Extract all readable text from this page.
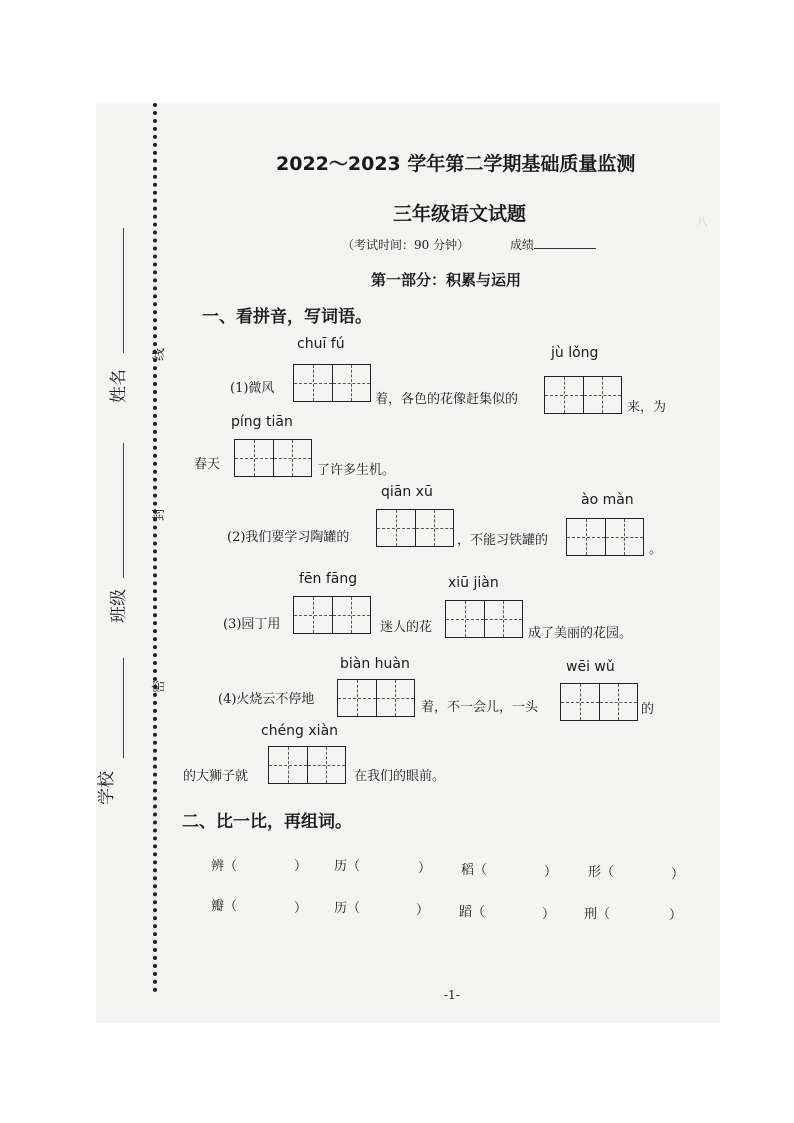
八
姓名
班级
学校
线
封
密
2022～2023 学年第二学期基础质量监测
三年级语文试题
（考试时间：90 分钟）	成绩
第一部分：积累与运用
一、看拼音，写词语。
chuī fú
(1)微风
着，各色的花像赶集似的
jù lǒng
来，为
píng tiān
春天	了许多生机。
qiān xū
(2)我们要学习陶罐的	，不能习铁罐的
ào màn
。
fēn fāng
(3)园丁用	迷人的花
xiū jiàn
成了美丽的花园。
biàn huàn
(4)火烧云不停地
着，不一会儿，一头
wēi wǔ
的
chéng xiàn
的大狮子就	在我们的眼前。
二、比一比，再组词。
辨（	） 历（	） 稻（	） 形（	）
瓣（	） 历（	） 蹈（	） 刑（	）
-1-
